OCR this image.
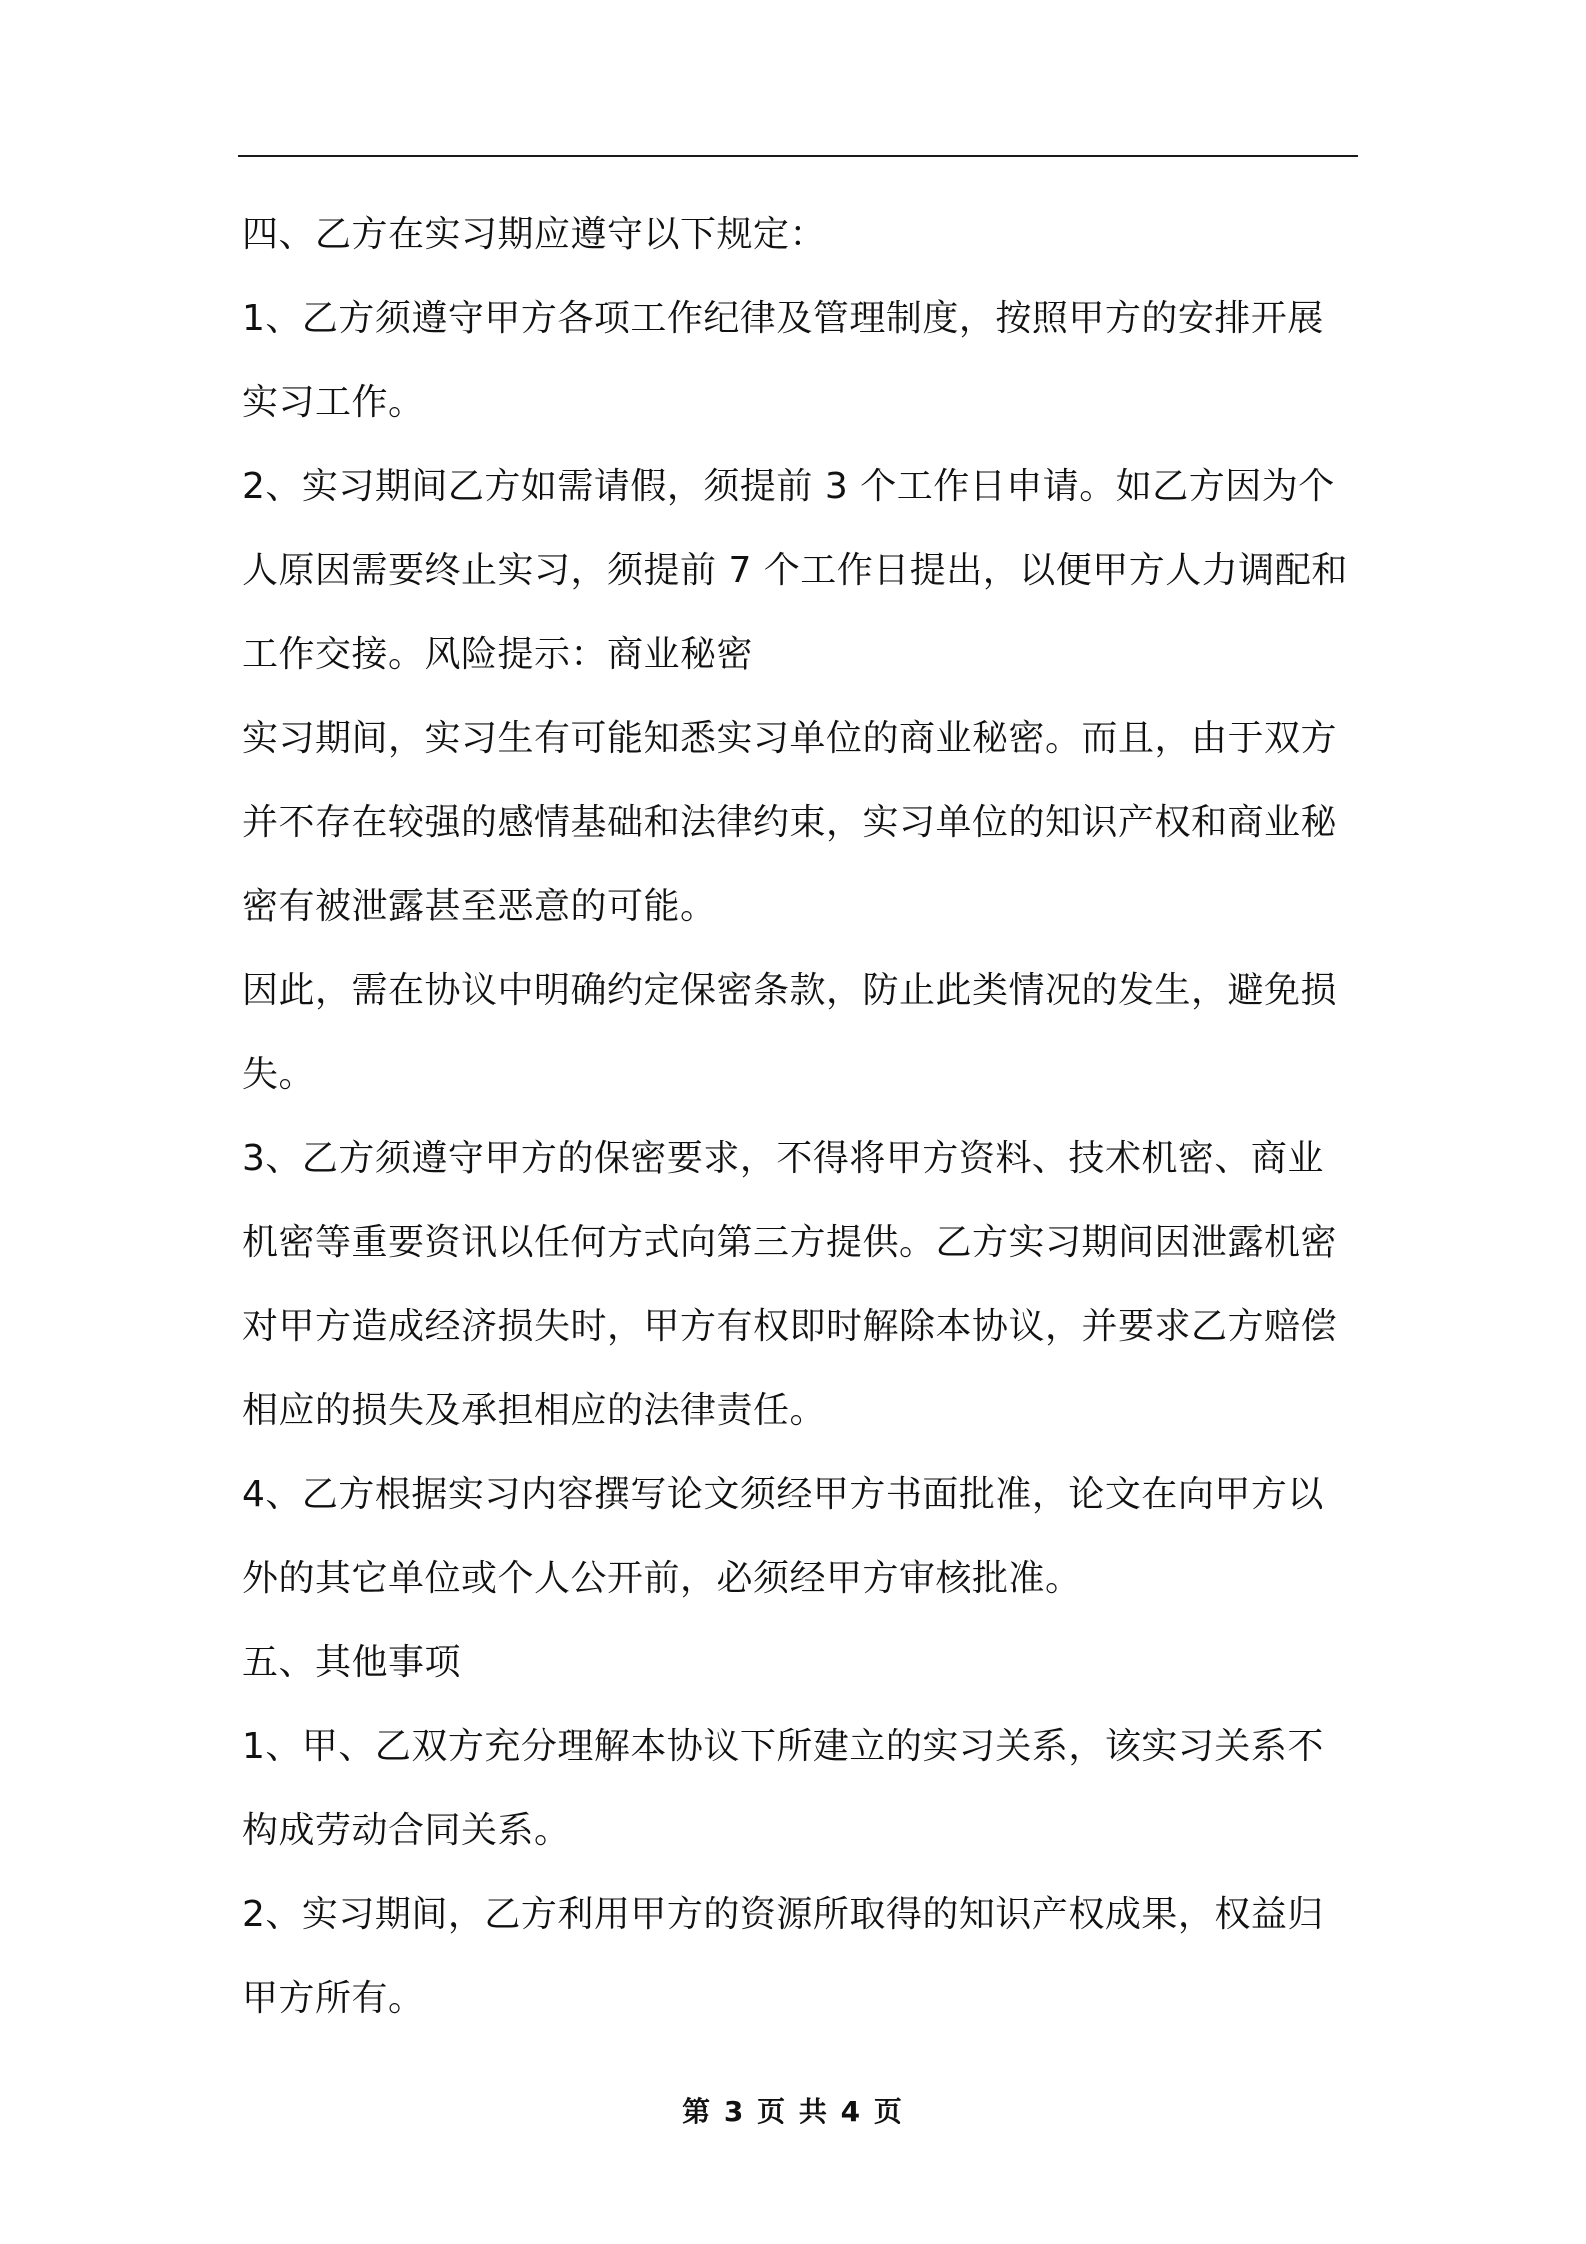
四、乙方在实习期应遵守以下规定：

1、乙方须遵守甲方各项工作纪律及管理制度，按照甲方的安排开展实习工作。

2、实习期间乙方如需请假，须提前 3 个工作日申请。如乙方因为个人原因需要终止实习，须提前 7 个工作日提出，以便甲方人力调配和工作交接。风险提示：商业秘密

实习期间，实习生有可能知悉实习单位的商业秘密。而且，由于双方并不存在较强的感情基础和法律约束，实习单位的知识产权和商业秘密有被泄露甚至恶意的可能。

因此，需在协议中明确约定保密条款，防止此类情况的发生，避免损失。

3、乙方须遵守甲方的保密要求，不得将甲方资料、技术机密、商业机密等重要资讯以任何方式向第三方提供。乙方实习期间因泄露机密对甲方造成经济损失时，甲方有权即时解除本协议，并要求乙方赔偿相应的损失及承担相应的法律责任。

4、乙方根据实习内容撰写论文须经甲方书面批准，论文在向甲方以外的其它单位或个人公开前，必须经甲方审核批准。

五、其他事项

1、甲、乙双方充分理解本协议下所建立的实习关系，该实习关系不构成劳动合同关系。

2、实习期间，乙方利用甲方的资源所取得的知识产权成果，权益归甲方所有。

第 3 页 共 4 页
